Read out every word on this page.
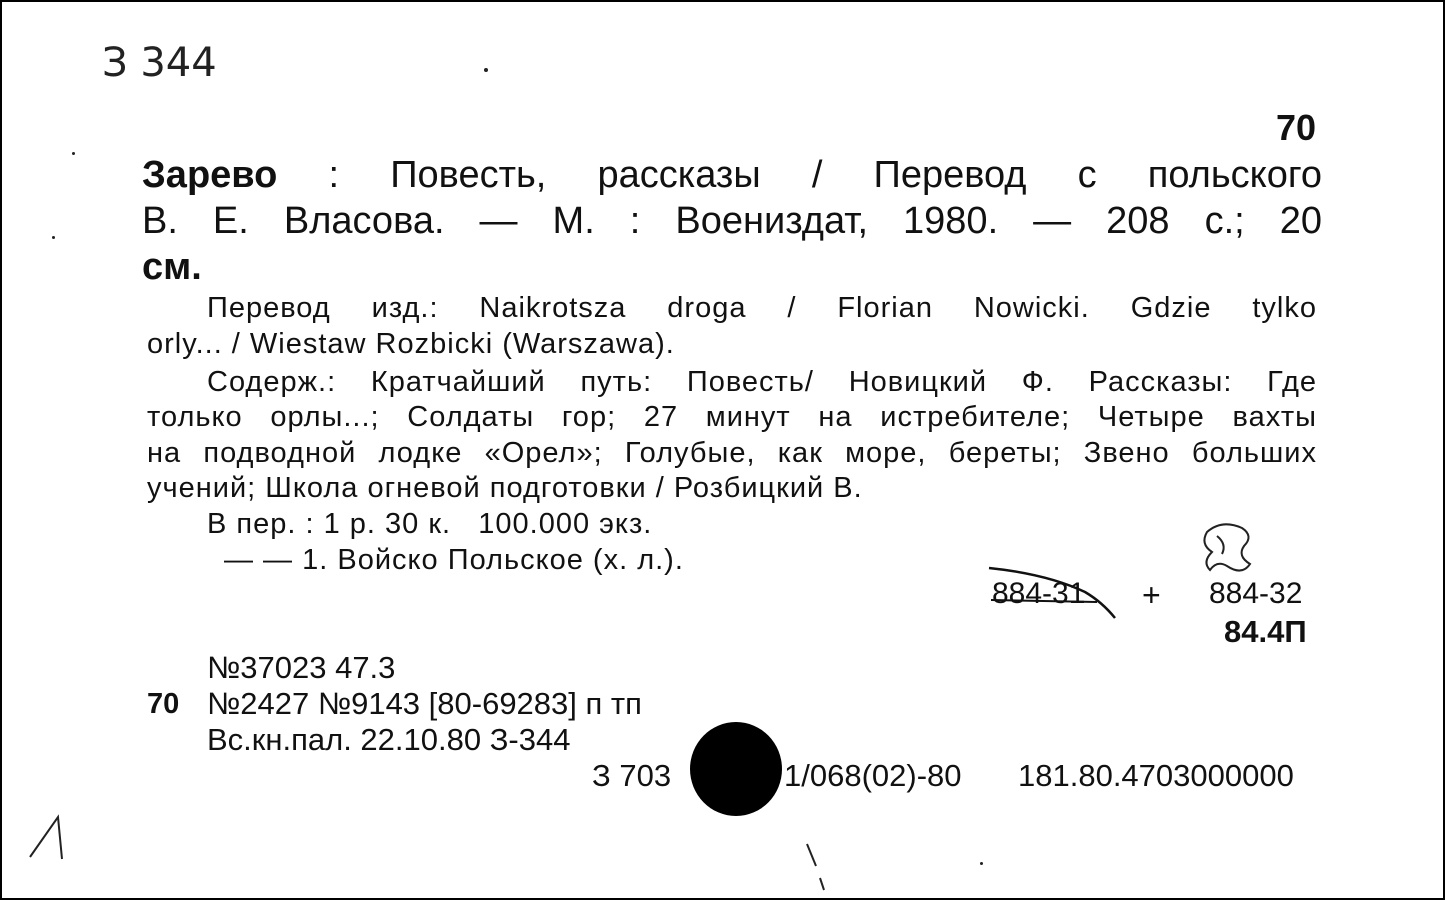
З 344
70
Зарево : Повесть, рассказы / Перевод с польского
В. Е. Власова. — М. : Воениздат, 1980. — 208 с.; 20
см.
Перевод изд.: Naikrotsza droga / Florian Nowicki. Gdzie tylko
orly... / Wiestaw Rozbicki (Warszawa).
Содерж.: Кратчайший путь: Повесть/ Новицкий Ф. Рассказы: Где
только орлы...; Солдаты гор; 27 минут на истребителе; Четыре вахты
на подводной лодке «Орел»; Голубые, как море, береты; Звено больших
учений; Школа огневой подготовки / Розбицкий В.
В пер. : 1 р. 30 к.   100.000 экз.
— — 1. Войско Польское (х. л.).
884-31 + 884-32
84.4П
№37023 47.3
70 №2427 №9143 [80-69283] п тп
Вс.кн.пал. 22.10.80 З-344
З 703	1/068(02)-80 181.80.4703000000
